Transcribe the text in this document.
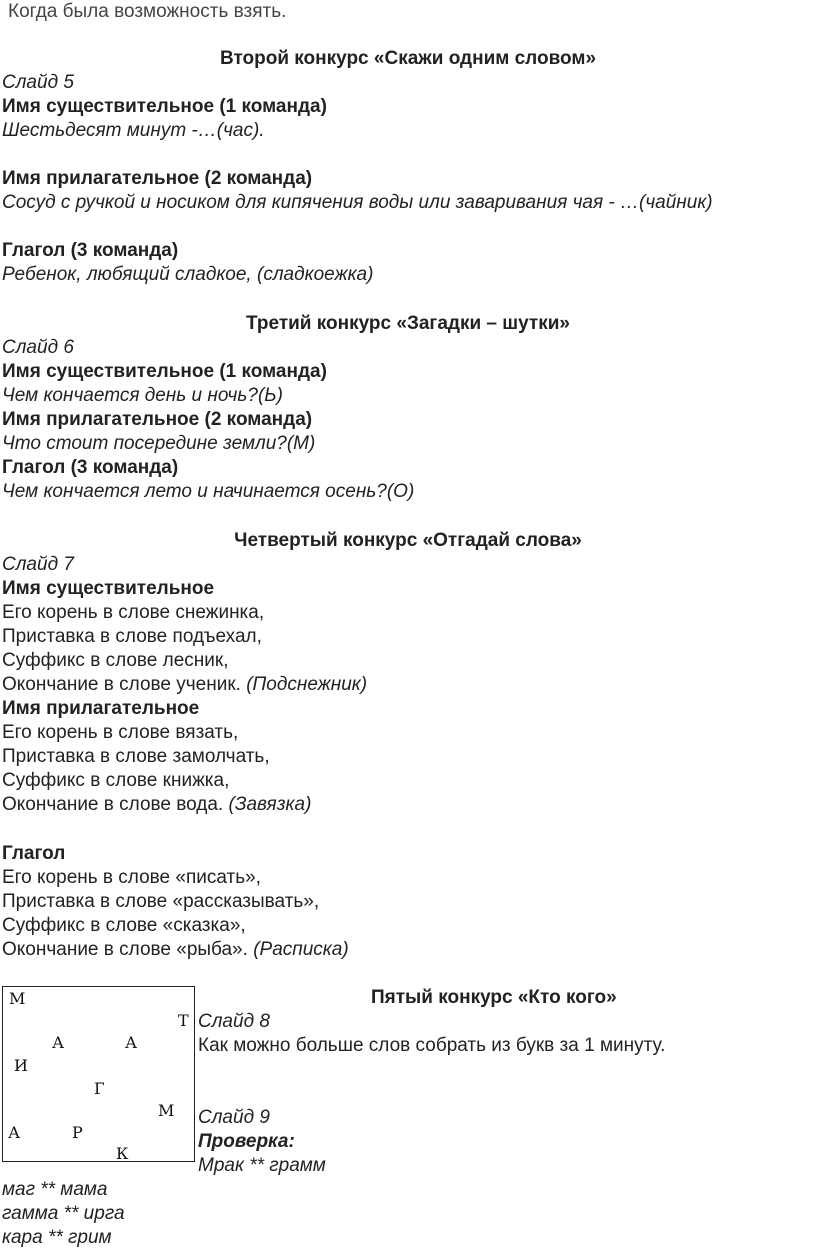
Когда была возможность взять.
Второй конкурс «Скажи одним словом»
Слайд 5
Имя существительное (1 команда)
Шестьдесят минут -…(час).
Имя прилагательное (2 команда)
Сосуд с ручкой и носиком для кипячения воды или заваривания чая - …(чайник)
Глагол (3 команда)
Ребенок, любящий сладкое, (сладкоежка)
Третий конкурс «Загадки – шутки»
Слайд 6
Имя существительное (1 команда)
Чем кончается день и ночь?(Ь)
Имя прилагательное (2 команда)
Что стоит посередине земли?(М)
Глагол (3 команда)
Чем кончается лето и начинается осень?(О)
Четвертый конкурс «Отгадай слова»
Слайд 7
Имя существительное
Его корень в слове снежинка,
Приставка в слове подъехал,
Суффикс в слове лесник,
Окончание в слове ученик. (Подснежник)
Имя прилагательное
Его корень в слове вязать,
Приставка в слове замолчать,
Суффикс в слове книжка,
Окончание в слове вода. (Завязка)
Глагол
Его корень в слове «писать»,
Приставка в слове «рассказывать»,
Суффикс в слове «сказка»,
Окончание в слове «рыба». (Расписка)
М
Т
А	А
И
Г
М
А	Р
К
Пятый конкурс «Кто кого»
Слайд 8
Как можно больше слов собрать из букв за 1 минуту.
Слайд 9
Проверка:
Мрак ** грамм
маг ** мама
гамма ** ирга
кара ** грим
